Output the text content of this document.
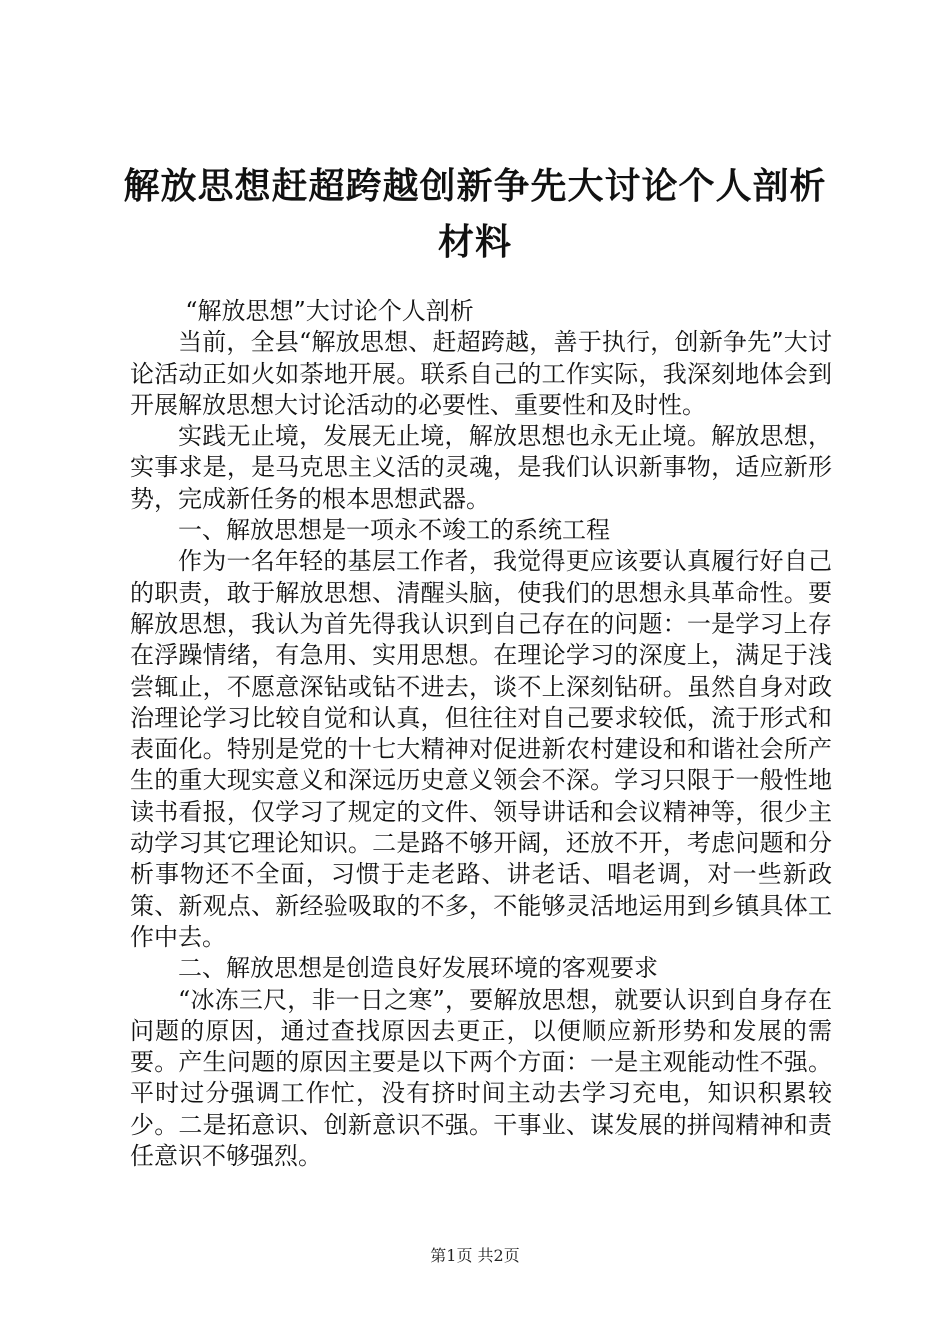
解放思想赶超跨越创新争先大讨论个人剖析材料

“解放思想”大讨论个人剖析

当前，全县“解放思想、赶超跨越，善于执行，创新争先”大讨论活动正如火如荼地开展。联系自己的工作实际，我深刻地体会到开展解放思想大讨论活动的必要性、重要性和及时性。

实践无止境，发展无止境，解放思想也永无止境。解放思想，实事求是，是马克思主义活的灵魂，是我们认识新事物，适应新形势，完成新任务的根本思想武器。

一、解放思想是一项永不竣工的系统工程

作为一名年轻的基层工作者，我觉得更应该要认真履行好自己的职责，敢于解放思想、清醒头脑，使我们的思想永具革命性。要解放思想，我认为首先得我认识到自己存在的问题：一是学习上存在浮躁情绪，有急用、实用思想。在理论学习的深度上，满足于浅尝辄止，不愿意深钻或钻不进去，谈不上深刻钻研。虽然自身对政治理论学习比较自觉和认真，但往往对自己要求较低，流于形式和表面化。特别是党的十七大精神对促进新农村建设和和谐社会所产生的重大现实意义和深远历史意义领会不深。学习只限于一般性地读书看报，仅学习了规定的文件、领导讲话和会议精神等，很少主动学习其它理论知识。二是路不够开阔，还放不开，考虑问题和分析事物还不全面，习惯于走老路、讲老话、唱老调，对一些新政策、新观点、新经验吸取的不多，不能够灵活地运用到乡镇具体工作中去。

二、解放思想是创造良好发展环境的客观要求

“冰冻三尺，非一日之寒”，要解放思想，就要认识到自身存在问题的原因，通过查找原因去更正，以便顺应新形势和发展的需要。产生问题的原因主要是以下两个方面：一是主观能动性不强。平时过分强调工作忙，没有挤时间主动去学习充电，知识积累较少。二是拓意识、创新意识不强。干事业、谋发展的拼闯精神和责任意识不够强烈。

第1页 共2页
